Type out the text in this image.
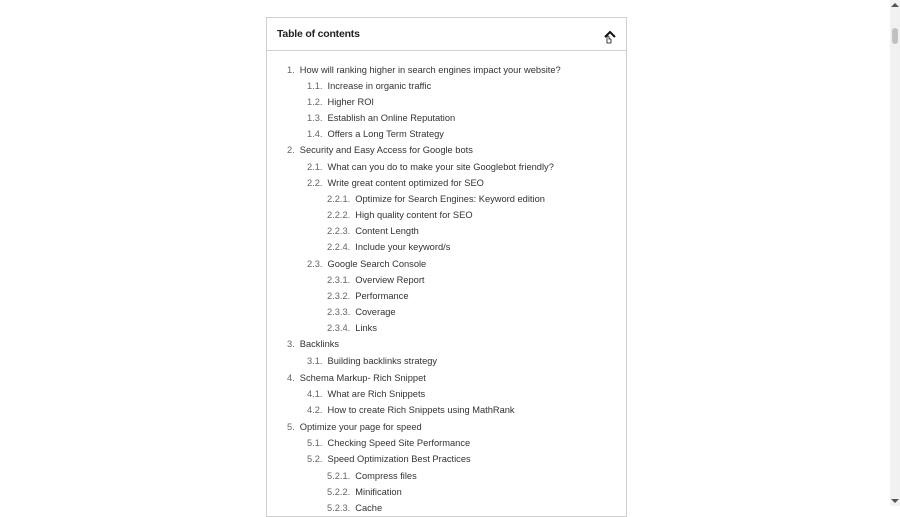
Table of contents
1. How will ranking higher in search engines impact your website?
1.1. Increase in organic traffic
1.2. Higher ROI
1.3. Establish an Online Reputation
1.4. Offers a Long Term Strategy
2. Security and Easy Access for Google bots
2.1. What can you do to make your site Googlebot friendly?
2.2. Write great content optimized for SEO
2.2.1. Optimize for Search Engines: Keyword edition
2.2.2. High quality content for SEO
2.2.3. Content Length
2.2.4. Include your keyword/s
2.3. Google Search Console
2.3.1. Overview Report
2.3.2. Performance
2.3.3. Coverage
2.3.4. Links
3. Backlinks
3.1. Building backlinks strategy
4. Schema Markup- Rich Snippet
4.1. What are Rich Snippets
4.2. How to create Rich Snippets using MathRank
5. Optimize your page for speed
5.1. Checking Speed Site Performance
5.2. Speed Optimization Best Practices
5.2.1. Compress files
5.2.2. Minification
5.2.3. Cache
